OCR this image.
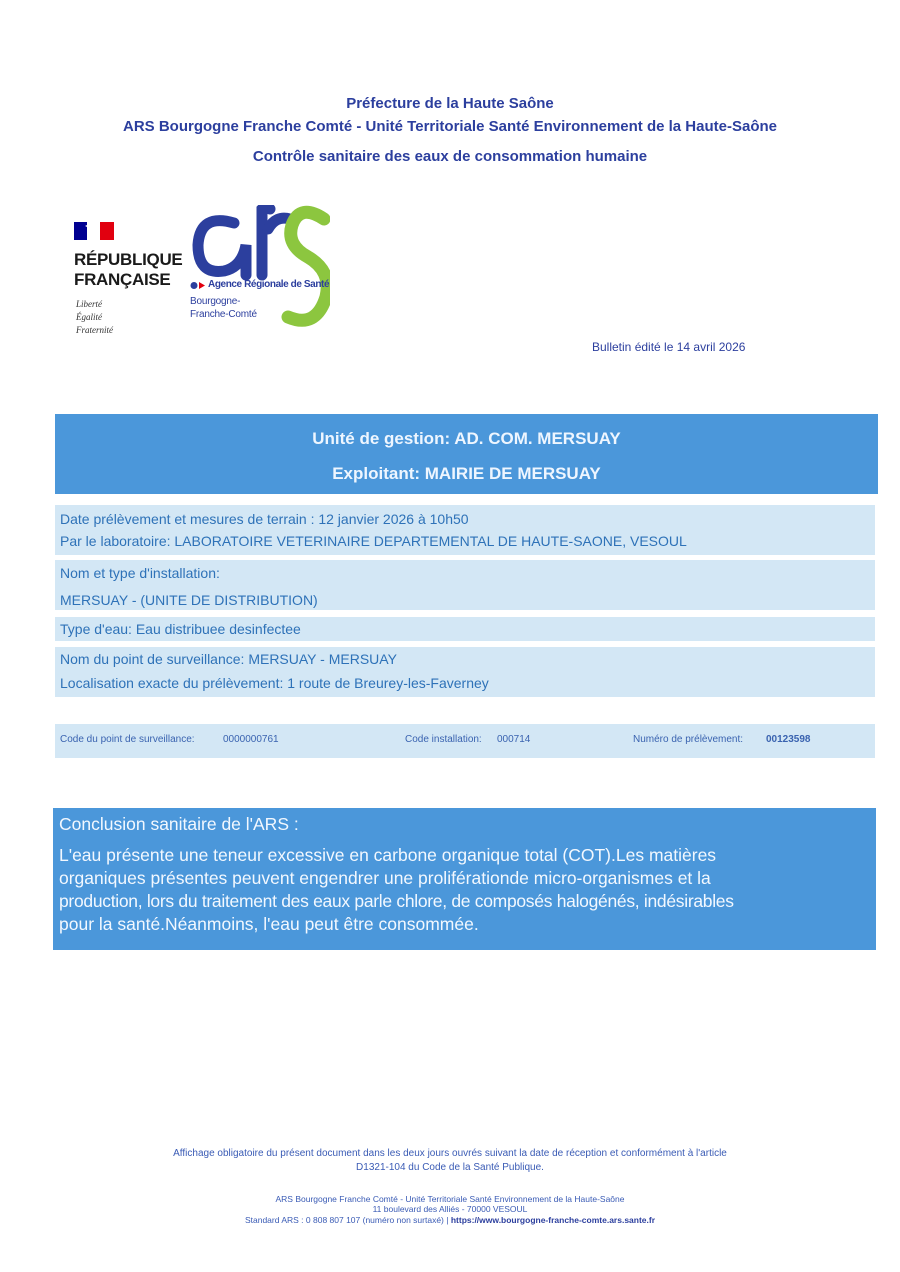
Préfecture de la Haute Saône
ARS Bourgogne Franche Comté - Unité Territoriale Santé Environnement de la Haute-Saône
Contrôle sanitaire des eaux de consommation humaine
RÉPUBLIQUE
FRANÇAISE
Liberté
Égalité
Fraternité
Agence Régionale de Santé
Bourgogne-
Franche-Comté
Bulletin édité le 14 avril 2026
Unité de gestion: AD. COM. MERSUAY
Exploitant: MAIRIE DE MERSUAY
Date prélèvement et mesures de terrain : 12 janvier 2026 à 10h50
Par le laboratoire: LABORATOIRE VETERINAIRE DEPARTEMENTAL DE HAUTE-SAONE, VESOUL
Nom et type d'installation:
MERSUAY - (UNITE DE DISTRIBUTION)
Type d'eau: Eau distribuee desinfectee
Nom du point de surveillance: MERSUAY - MERSUAY
Localisation exacte du prélèvement: 1 route de Breurey-les-Faverney
Code du point de surveillance:	0000000761	Code installation: 000714	Numéro de prélèvement: 00123598
Conclusion sanitaire de l'ARS :
L'eau présente une teneur excessive en carbone organique total (COT).Les matières
organiques présentes peuvent engendrer une proliférationde micro-organismes et la
production, lors du traitement des eaux parle chlore, de composés halogénés, indésirables
pour la santé.Néanmoins, l'eau peut être consommée.
Affichage obligatoire du présent document dans les deux jours ouvrés suivant la date de réception et conformément à l'article
D1321-104 du Code de la Santé Publique.
ARS Bourgogne Franche Comté - Unité Territoriale Santé Environnement de la Haute-Saône
11 boulevard des Alliés - 70000 VESOUL
Standard ARS : 0 808 807 107 (numéro non surtaxé) | https://www.bourgogne-franche-comte.ars.sante.fr
